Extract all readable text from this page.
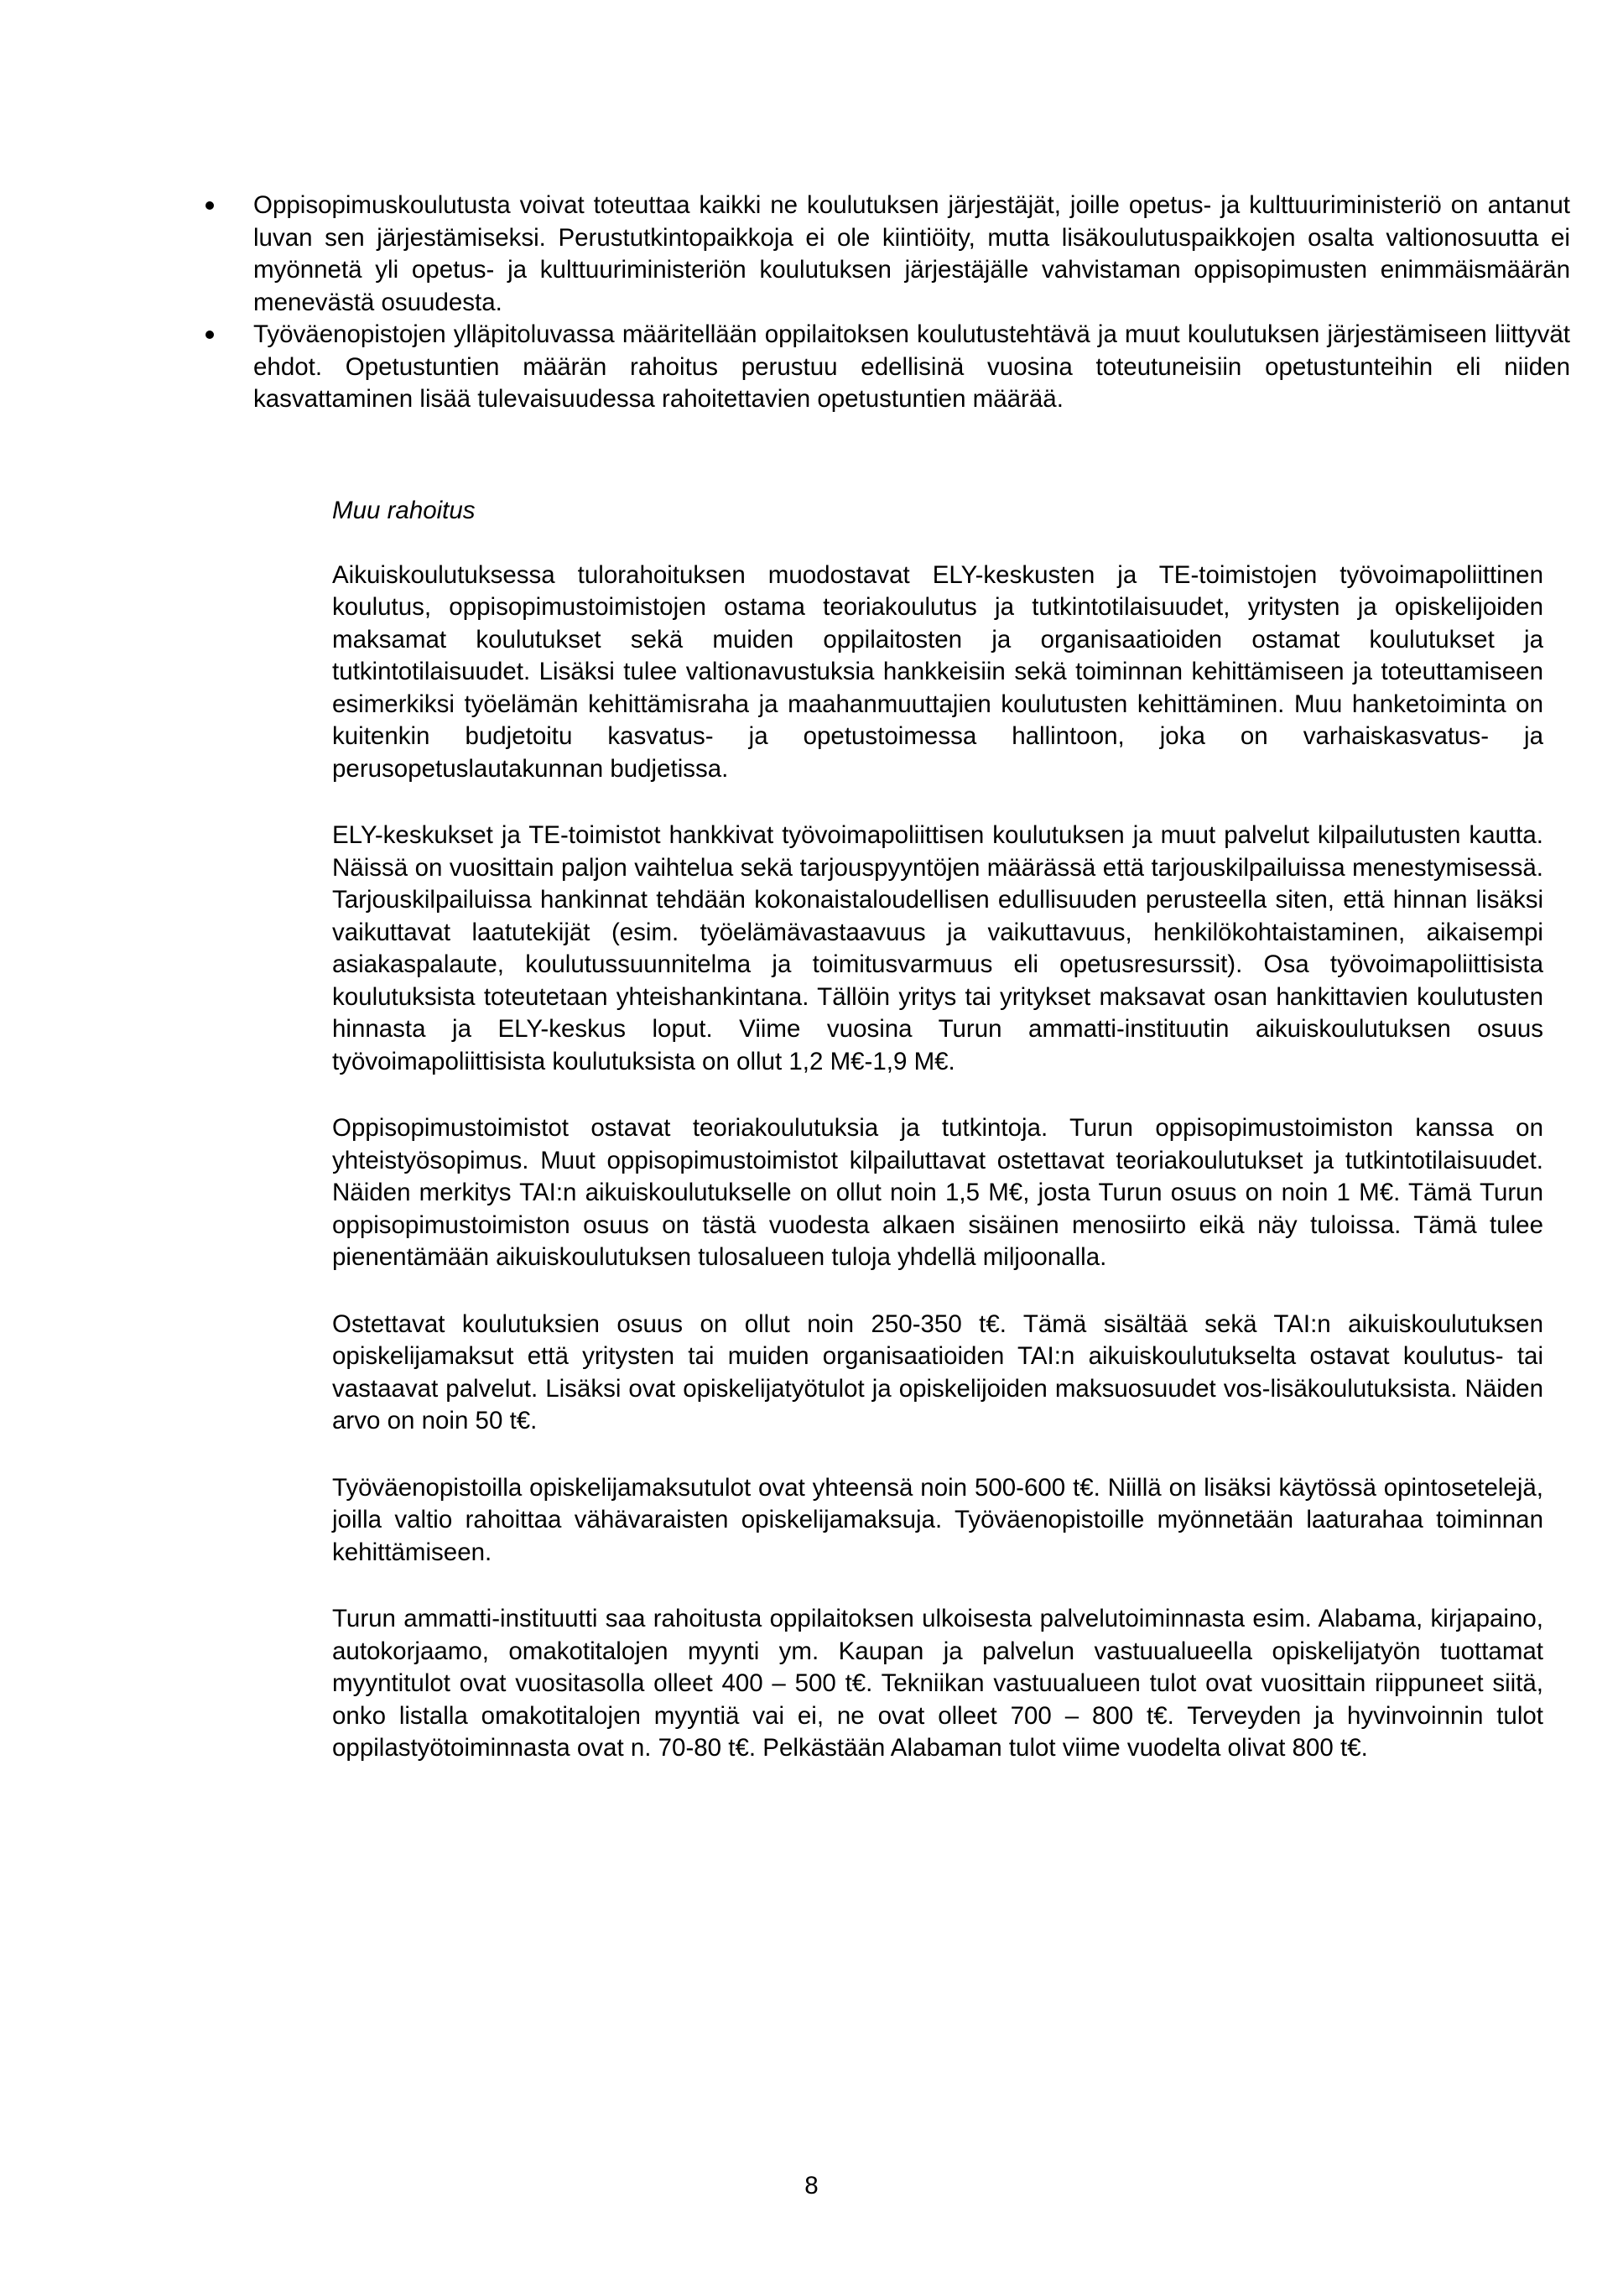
Oppisopimuskoulutusta voivat toteuttaa kaikki ne koulutuksen järjestäjät, joille opetus- ja kulttuuriministeriö on antanut luvan sen järjestämiseksi. Perustutkintopaikkoja ei ole kiintiöity, mutta lisäkoulutuspaikkojen osalta valtionosuutta ei myönnetä yli opetus- ja kulttuuriministeriön koulutuksen järjestäjälle vahvistaman oppisopimusten enimmäismäärän menevästä osuudesta.
Työväenopistojen ylläpitoluvassa määritellään oppilaitoksen koulutustehtävä ja muut koulutuksen järjestämiseen liittyvät ehdot. Opetustuntien määrän rahoitus perustuu edellisinä vuosina toteutuneisiin opetustunteihin eli niiden kasvattaminen lisää tulevaisuudessa rahoitettavien opetustuntien määrää.

Muu rahoitus

Aikuiskoulutuksessa tulorahoituksen muodostavat ELY-keskusten ja TE-toimistojen työvoimapoliittinen koulutus, oppisopimustoimistojen ostama teoriakoulutus ja tutkintotilaisuudet, yritysten ja opiskelijoiden maksamat koulutukset sekä muiden oppilaitosten ja organisaatioiden ostamat koulutukset ja tutkintotilaisuudet. Lisäksi tulee valtionavustuksia hankkeisiin sekä toiminnan kehittämiseen ja toteuttamiseen esimerkiksi työelämän kehittämisraha ja maahanmuuttajien koulutusten kehittäminen. Muu hanketoiminta on kuitenkin budjetoitu kasvatus- ja opetustoimessa hallintoon, joka on varhaiskasvatus- ja perusopetuslautakunnan budjetissa.

ELY-keskukset ja TE-toimistot hankkivat työvoimapoliittisen koulutuksen ja muut palvelut kilpailutusten kautta. Näissä on vuosittain paljon vaihtelua sekä tarjouspyyntöjen määrässä että tarjouskilpailuissa menestymisessä. Tarjouskilpailuissa hankinnat tehdään kokonaistaloudellisen edullisuuden perusteella siten, että hinnan lisäksi vaikuttavat laatutekijät (esim. työelämävastaavuus ja vaikuttavuus, henkilökohtaistaminen, aikaisempi asiakaspalaute, koulutussuunnitelma ja toimitusvarmuus eli opetusresurssit). Osa työvoimapoliittisista koulutuksista toteutetaan yhteishankintana. Tällöin yritys tai yritykset maksavat osan hankittavien koulutusten hinnasta ja ELY-keskus loput. Viime vuosina Turun ammatti-instituutin aikuiskoulutuksen osuus työvoimapoliittisista koulutuksista on ollut 1,2 M€-1,9 M€.

Oppisopimustoimistot ostavat teoriakoulutuksia ja tutkintoja. Turun oppisopimustoimiston kanssa on yhteistyösopimus. Muut oppisopimustoimistot kilpailuttavat ostettavat teoriakoulutukset ja tutkintotilaisuudet. Näiden merkitys TAI:n aikuiskoulutukselle on ollut noin 1,5 M€, josta Turun osuus on noin 1 M€. Tämä Turun oppisopimustoimiston osuus on tästä vuodesta alkaen sisäinen menosiirto eikä näy tuloissa. Tämä tulee pienentämään aikuiskoulutuksen tulosalueen tuloja yhdellä miljoonalla.

Ostettavat koulutuksien osuus on ollut noin 250-350 t€. Tämä sisältää sekä TAI:n aikuiskoulutuksen opiskelijamaksut että yritysten tai muiden organisaatioiden TAI:n aikuiskoulutukselta ostavat koulutus- tai vastaavat palvelut. Lisäksi ovat opiskelijatyötulot ja opiskelijoiden maksuosuudet vos-lisäkoulutuksista. Näiden arvo on noin 50 t€.

Työväenopistoilla opiskelijamaksutulot ovat yhteensä noin 500-600 t€. Niillä on lisäksi käytössä opintosetelejä, joilla valtio rahoittaa vähävaraisten opiskelijamaksuja. Työväenopistoille myönnetään laaturahaa toiminnan kehittämiseen.

Turun ammatti-instituutti saa rahoitusta oppilaitoksen ulkoisesta palvelutoiminnasta esim. Alabama, kirjapaino, autokorjaamo, omakotitalojen myynti ym. Kaupan ja palvelun vastuualueella opiskelijatyön tuottamat myyntitulot ovat vuositasolla olleet 400 – 500 t€. Tekniikan vastuualueen tulot ovat vuosittain riippuneet siitä, onko listalla omakotitalojen myyntiä vai ei, ne ovat olleet 700 – 800 t€. Terveyden ja hyvinvoinnin tulot oppilastyötoiminnasta ovat n. 70-80 t€. Pelkästään Alabaman tulot viime vuodelta olivat 800 t€.

8
